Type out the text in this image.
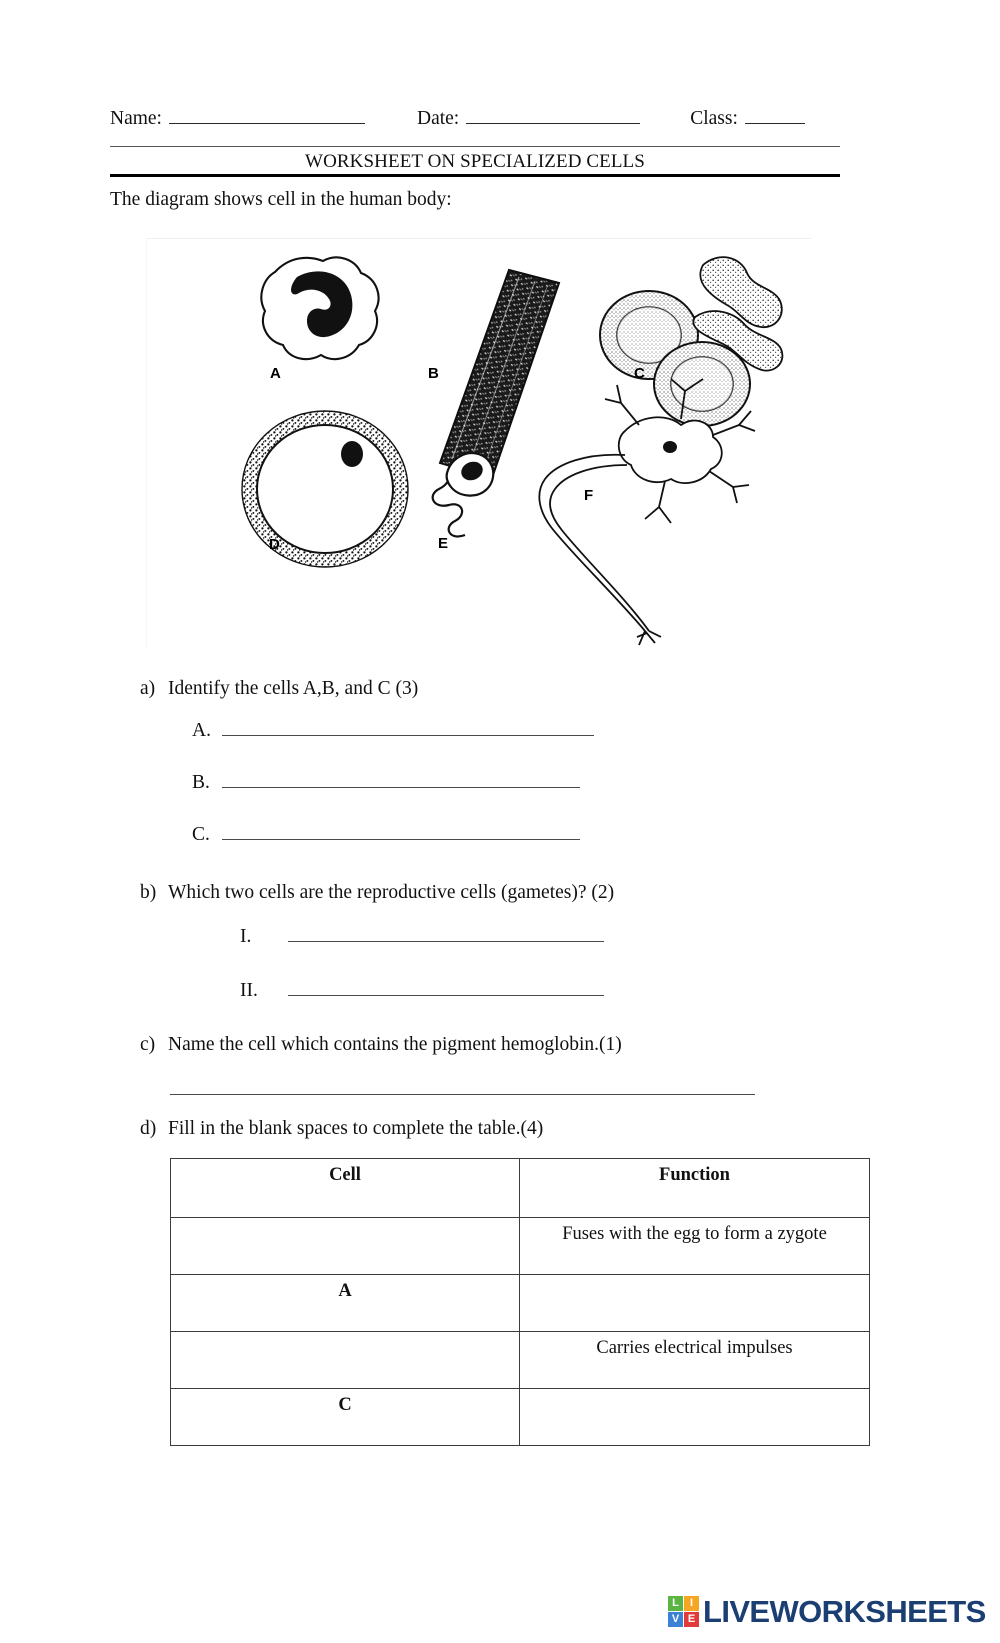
Name:	Date:	Class:
WORKSHEET ON SPECIALIZED CELLS
The diagram shows cell in the human body:
A	B	C
D	E
F
a) Identify the cells A,B, and C (3)
A.
B.
C.
b) Which two cells are the reproductive cells (gametes)? (2)
I.
II.
c) Name the cell which contains the pigment hemoglobin.(1)
d) Fill in the blank spaces to complete the table.(4)
Cell	Function
	Fuses with the egg to form a zygote
A	
	Carries electrical impulses
C	
L	I
V E LIVEWORKSHEETS
